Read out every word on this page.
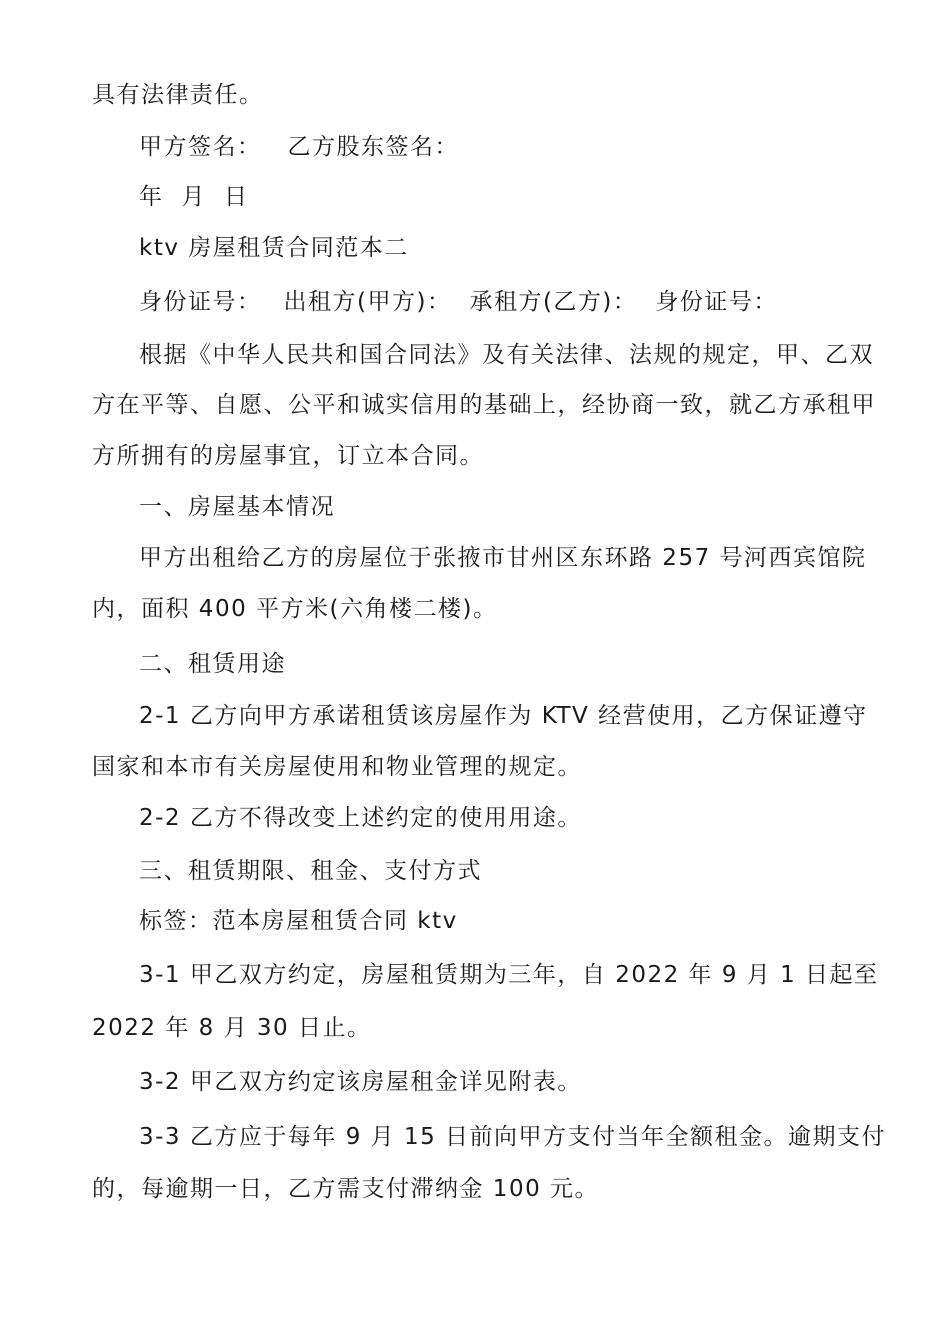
具有法律责任。
甲方签名： 乙方股东签名：
年 月 日
ktv 房屋租赁合同范本二
身份证号： 出租方(甲方)： 承租方(乙方)： 身份证号：
根据《中华人民共和国合同法》及有关法律、法规的规定，甲、乙双
方在平等、自愿、公平和诚实信用的基础上，经协商一致，就乙方承租甲
方所拥有的房屋事宜，订立本合同。
一、房屋基本情况
甲方出租给乙方的房屋位于张掖市甘州区东环路 257 号河西宾馆院
内，面积 400 平方米(六角楼二楼)。
二、租赁用途
2-1 乙方向甲方承诺租赁该房屋作为 KTV 经营使用，乙方保证遵守
国家和本市有关房屋使用和物业管理的规定。
2-2 乙方不得改变上述约定的使用用途。
三、租赁期限、租金、支付方式
标签：范本房屋租赁合同 ktv
3-1 甲乙双方约定，房屋租赁期为三年，自 2022 年 9 月 1 日起至
2022 年 8 月 30 日止。
3-2 甲乙双方约定该房屋租金详见附表。
3-3 乙方应于每年 9 月 15 日前向甲方支付当年全额租金。逾期支付
的，每逾期一日，乙方需支付滞纳金 100 元。
